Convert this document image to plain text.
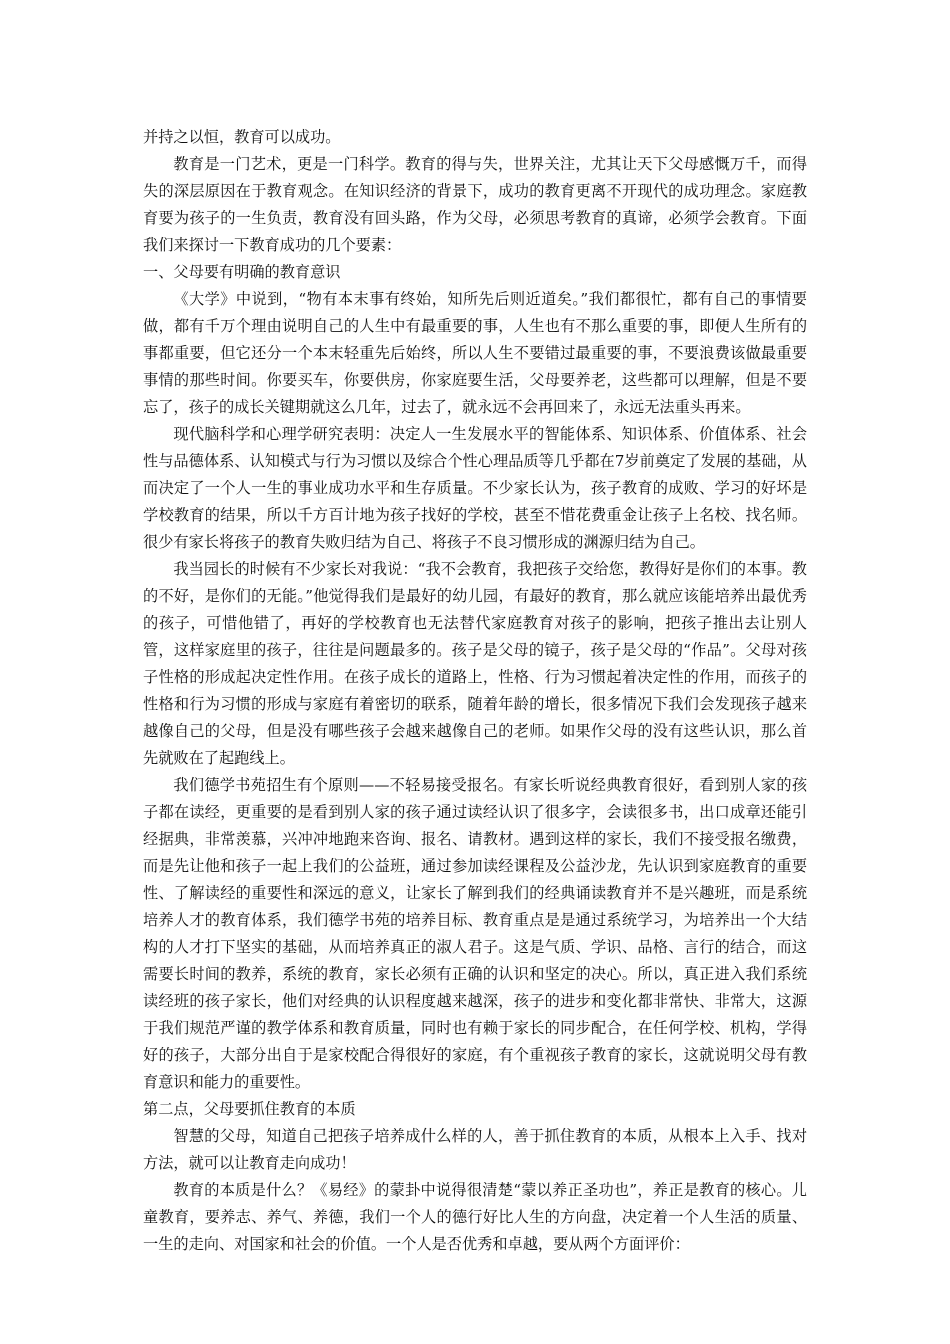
并持之以恒，教育可以成功。

教育是一门艺术，更是一门科学。教育的得与失，世界关注，尤其让天下父母感慨万千，而得失的深层原因在于教育观念。在知识经济的背景下，成功的教育更离不开现代的成功理念。家庭教育要为孩子的一生负责，教育没有回头路，作为父母，必须思考教育的真谛，必须学会教育。下面我们来探讨一下教育成功的几个要素：

一、父母要有明确的教育意识

《大学》中说到，“物有本末事有终始，知所先后则近道矣。”我们都很忙，都有自己的事情要做，都有千万个理由说明自己的人生中有最重要的事，人生也有不那么重要的事，即便人生所有的事都重要，但它还分一个本末轻重先后始终，所以人生不要错过最重要的事，不要浪费该做最重要事情的那些时间。你要买车，你要供房，你家庭要生活，父母要养老，这些都可以理解，但是不要忘了，孩子的成长关键期就这么几年，过去了，就永远不会再回来了，永远无法重头再来。

现代脑科学和心理学研究表明：决定人一生发展水平的智能体系、知识体系、价值体系、社会性与品德体系、认知模式与行为习惯以及综合个性心理品质等几乎都在7岁前奠定了发展的基础，从而决定了一个人一生的事业成功水平和生存质量。不少家长认为，孩子教育的成败、学习的好坏是学校教育的结果，所以千方百计地为孩子找好的学校，甚至不惜花费重金让孩子上名校、找名师。很少有家长将孩子的教育失败归结为自己、将孩子不良习惯形成的渊源归结为自己。

我当园长的时候有不少家长对我说：“我不会教育，我把孩子交给您，教得好是你们的本事。教的不好，是你们的无能。”他觉得我们是最好的幼儿园，有最好的教育，那么就应该能培养出最优秀的孩子，可惜他错了，再好的学校教育也无法替代家庭教育对孩子的影响，把孩子推出去让别人管，这样家庭里的孩子，往往是问题最多的。孩子是父母的镜子，孩子是父母的“作品”。父母对孩子性格的形成起决定性作用。在孩子成长的道路上，性格、行为习惯起着决定性的作用，而孩子的性格和行为习惯的形成与家庭有着密切的联系，随着年龄的增长，很多情况下我们会发现孩子越来越像自己的父母，但是没有哪些孩子会越来越像自己的老师。如果作父母的没有这些认识，那么首先就败在了起跑线上。

我们德学书苑招生有个原则——不轻易接受报名。有家长听说经典教育很好，看到别人家的孩子都在读经，更重要的是看到别人家的孩子通过读经认识了很多字，会读很多书，出口成章还能引经据典，非常羡慕，兴冲冲地跑来咨询、报名、请教材。遇到这样的家长，我们不接受报名缴费，而是先让他和孩子一起上我们的公益班，通过参加读经课程及公益沙龙，先认识到家庭教育的重要性、了解读经的重要性和深远的意义，让家长了解到我们的经典诵读教育并不是兴趣班，而是系统培养人才的教育体系，我们德学书苑的培养目标、教育重点是是通过系统学习，为培养出一个大结构的人才打下坚实的基础，从而培养真正的淑人君子。这是气质、学识、品格、言行的结合，而这需要长时间的教养，系统的教育，家长必须有正确的认识和坚定的决心。所以，真正进入我们系统读经班的孩子家长，他们对经典的认识程度越来越深，孩子的进步和变化都非常快、非常大，这源于我们规范严谨的教学体系和教育质量，同时也有赖于家长的同步配合，在任何学校、机构，学得好的孩子，大部分出自于是家校配合得很好的家庭，有个重视孩子教育的家长，这就说明父母有教育意识和能力的重要性。

第二点，父母要抓住教育的本质

智慧的父母，知道自己把孩子培养成什么样的人，善于抓住教育的本质，从根本上入手、找对方法，就可以让教育走向成功！

教育的本质是什么？《易经》的蒙卦中说得很清楚“蒙以养正圣功也”，养正是教育的核心。儿童教育，要养志、养气、养德，我们一个人的德行好比人生的方向盘，决定着一个人生活的质量、一生的走向、对国家和社会的价值。一个人是否优秀和卓越，要从两个方面评价：
